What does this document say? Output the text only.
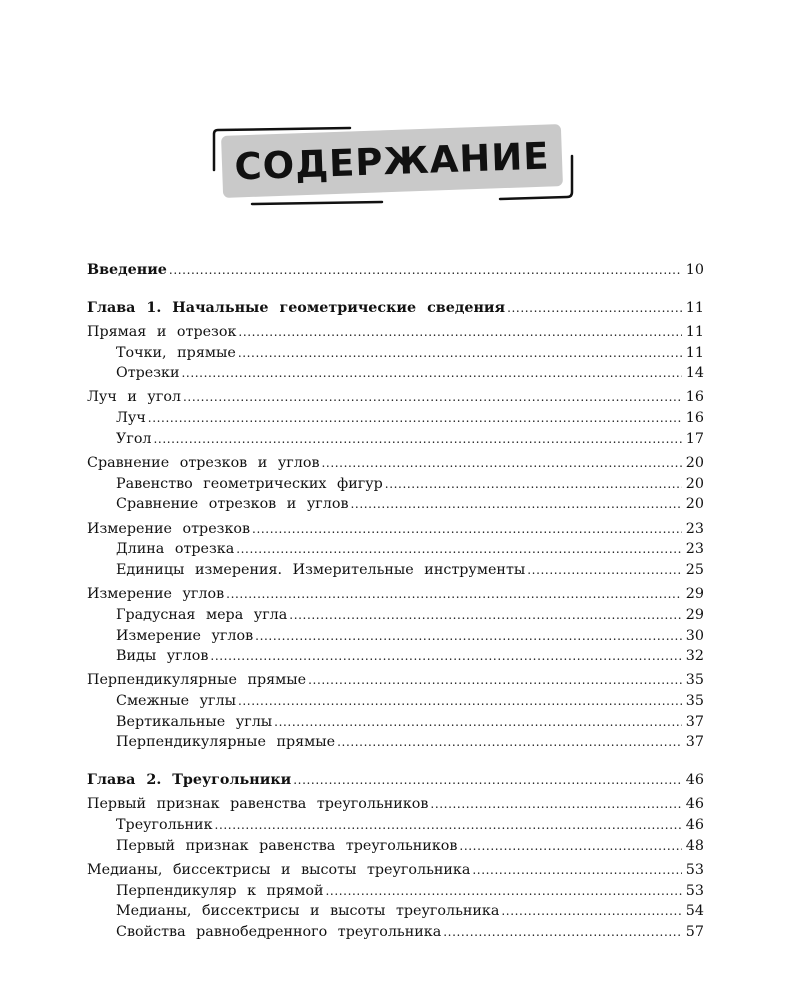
СОДЕРЖАНИЕ
Введение .....	10
Глава 1. Начальные геометрические сведения .....	11
Прямая и отрезок .....	11
Точки, прямые .....	11
Отрезки .....	14
Луч и угол .....	16
Луч .....	16
Угол .....	17
Сравнение отрезков и углов .....	20
Равенство геометрических фигур .....	20
Сравнение отрезков и углов .....	20
Измерение отрезков .....	23
Длина отрезка .....	23
Единицы измерения. Измерительные инструменты .....	25
Измерение углов .....	29
Градусная мера угла .....	29
Измерение углов .....	30
Виды углов .....	32
Перпендикулярные прямые .....	35
Смежные углы .....	35
Вертикальные углы .....	37
Перпендикулярные прямые .....	37
Глава 2. Треугольники .....	46
Первый признак равенства треугольников .....	46
Треугольник .....	46
Первый признак равенства треугольников .....	48
Медианы, биссектрисы и высоты треугольника .....	53
Перпендикуляр к прямой .....	53
Медианы, биссектрисы и высоты треугольника .....	54
Свойства равнобедренного треугольника .....	57
